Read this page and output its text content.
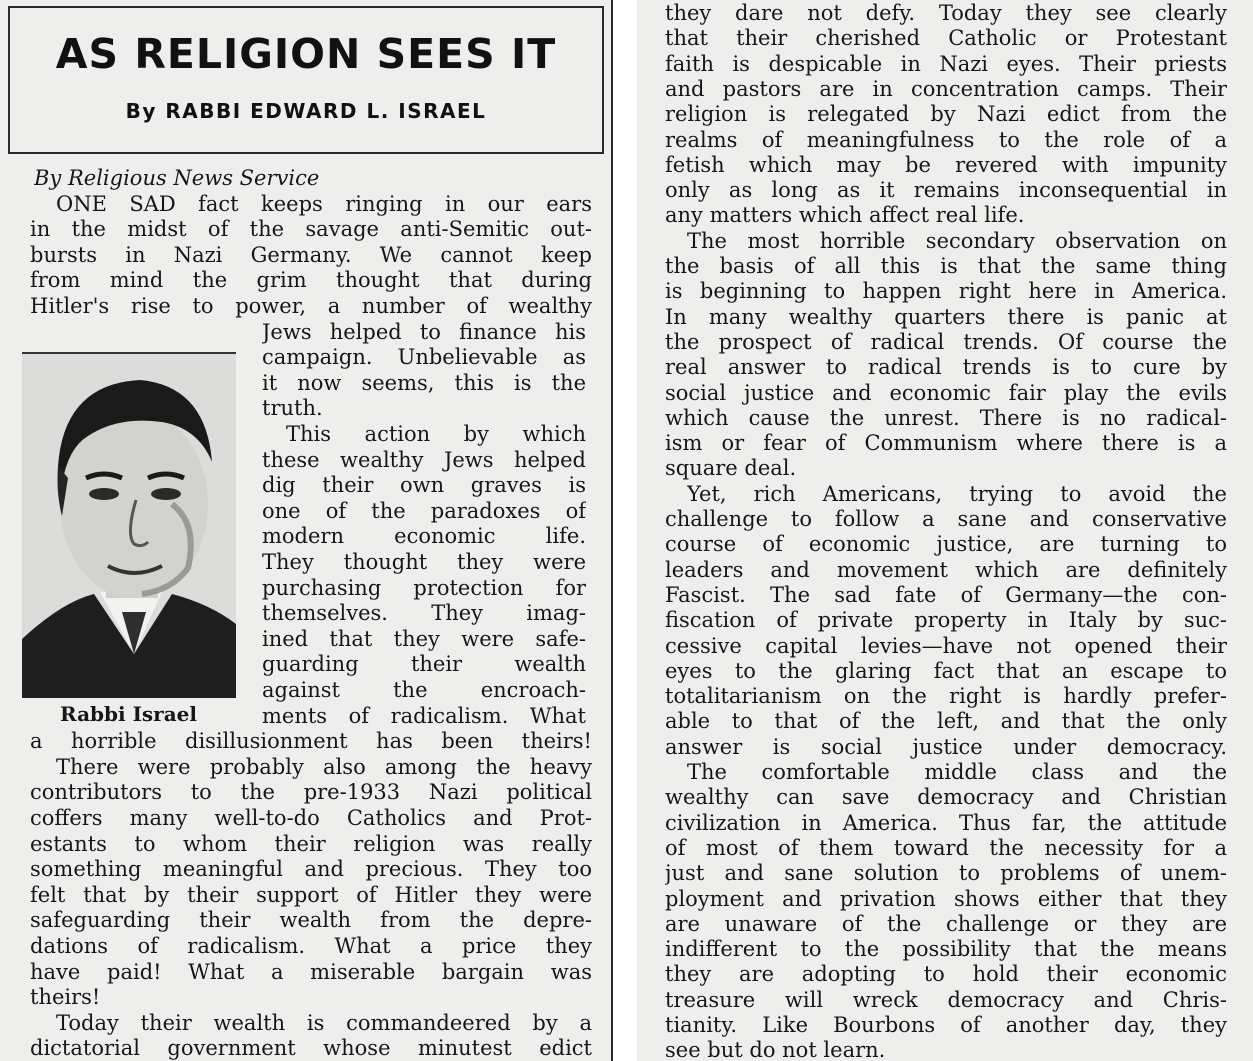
AS RELIGION SEES IT
By RABBI EDWARD L. ISRAEL
Rabbi Israel
By Religious News Service
ONE SAD fact keeps ringing in our ears
in the midst of the savage anti-Semitic out-
bursts in Nazi Germany. We cannot keep
from mind the grim thought that during
Hitler's rise to power, a number of wealthy
Jews helped to finance his
campaign. Unbelievable as
it now seems, this is the
truth.
This action by which
these wealthy Jews helped
dig their own graves is
one of the paradoxes of
modern economic life.
They thought they were
purchasing protection for
themselves. They imag-
ined that they were safe-
guarding their wealth
against the encroach-
ments of radicalism. What
a horrible disillusionment has been theirs!
There were probably also among the heavy
contributors to the pre-1933 Nazi political
coffers many well-to-do Catholics and Prot-
estants to whom their religion was really
something meaningful and precious. They too
felt that by their support of Hitler they were
safeguarding their wealth from the depre-
dations of radicalism. What a price they
have paid! What a miserable bargain was
theirs!
Today their wealth is commandeered by a
dictatorial government whose minutest edict
they dare not defy. Today they see clearly
that their cherished Catholic or Protestant
faith is despicable in Nazi eyes. Their priests
and pastors are in concentration camps. Their
religion is relegated by Nazi edict from the
realms of meaningfulness to the role of a
fetish which may be revered with impunity
only as long as it remains inconsequential in
any matters which affect real life.
The most horrible secondary observation on
the basis of all this is that the same thing
is beginning to happen right here in America.
In many wealthy quarters there is panic at
the prospect of radical trends. Of course the
real answer to radical trends is to cure by
social justice and economic fair play the evils
which cause the unrest. There is no radical-
ism or fear of Communism where there is a
square deal.
Yet, rich Americans, trying to avoid the
challenge to follow a sane and conservative
course of economic justice, are turning to
leaders and movement which are definitely
Fascist. The sad fate of Germany—the con-
fiscation of private property in Italy by suc-
cessive capital levies—have not opened their
eyes to the glaring fact that an escape to
totalitarianism on the right is hardly prefer-
able to that of the left, and that the only
answer is social justice under democracy.
The comfortable middle class and the
wealthy can save democracy and Christian
civilization in America. Thus far, the attitude
of most of them toward the necessity for a
just and sane solution to problems of unem-
ployment and privation shows either that they
are unaware of the challenge or they are
indifferent to the possibility that the means
they are adopting to hold their economic
treasure will wreck democracy and Chris-
tianity. Like Bourbons of another day, they
see but do not learn.
